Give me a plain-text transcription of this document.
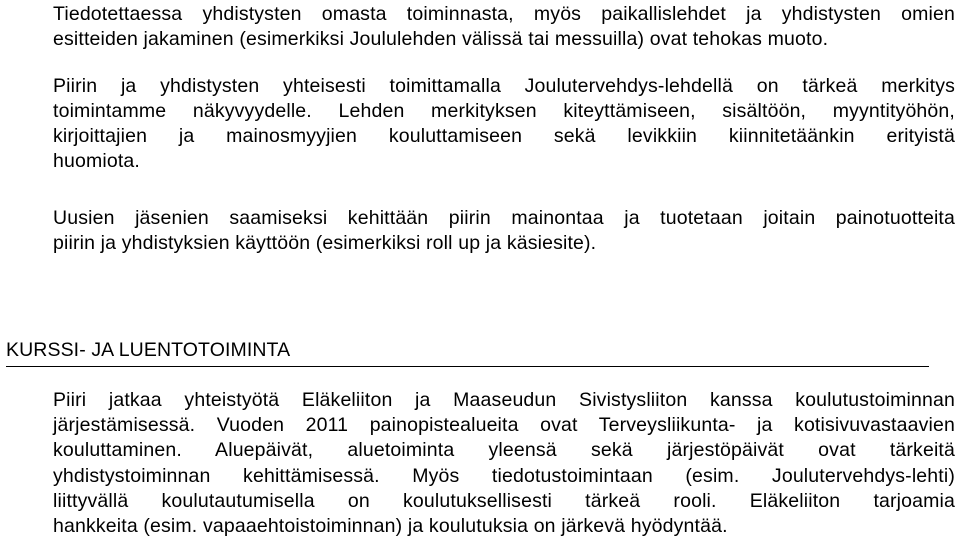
Tiedotettaessa yhdistysten omasta toiminnasta, myös paikallislehdet ja yhdistysten omien
esitteiden jakaminen (esimerkiksi Joululehden välissä tai messuilla) ovat tehokas muoto.
Piirin ja yhdistysten yhteisesti toimittamalla Joulutervehdys-lehdellä on tärkeä merkitys
toimintamme näkyvyydelle. Lehden merkityksen kiteyttämiseen, sisältöön, myyntityöhön,
kirjoittajien ja mainosmyyjien kouluttamiseen sekä levikkiin kiinnitetäänkin erityistä
huomiota.
Uusien jäsenien saamiseksi kehittään piirin mainontaa ja tuotetaan joitain painotuotteita
piirin ja yhdistyksien käyttöön (esimerkiksi roll up ja käsiesite).
KURSSI- JA LUENTOTOIMINTA
Piiri jatkaa yhteistyötä Eläkeliiton ja Maaseudun Sivistysliiton kanssa koulutustoiminnan
järjestämisessä. Vuoden 2011 painopistealueita ovat Terveysliikunta- ja kotisivuvastaavien
kouluttaminen. Aluepäivät, aluetoiminta yleensä sekä järjestöpäivät ovat tärkeitä
yhdistystoiminnan kehittämisessä. Myös tiedotustoimintaan (esim. Joulutervehdys-lehti)
liittyvällä koulutautumisella on koulutuksellisesti tärkeä rooli. Eläkeliiton tarjoamia
hankkeita (esim. vapaaehtoistoiminnan) ja koulutuksia on järkevä hyödyntää.
